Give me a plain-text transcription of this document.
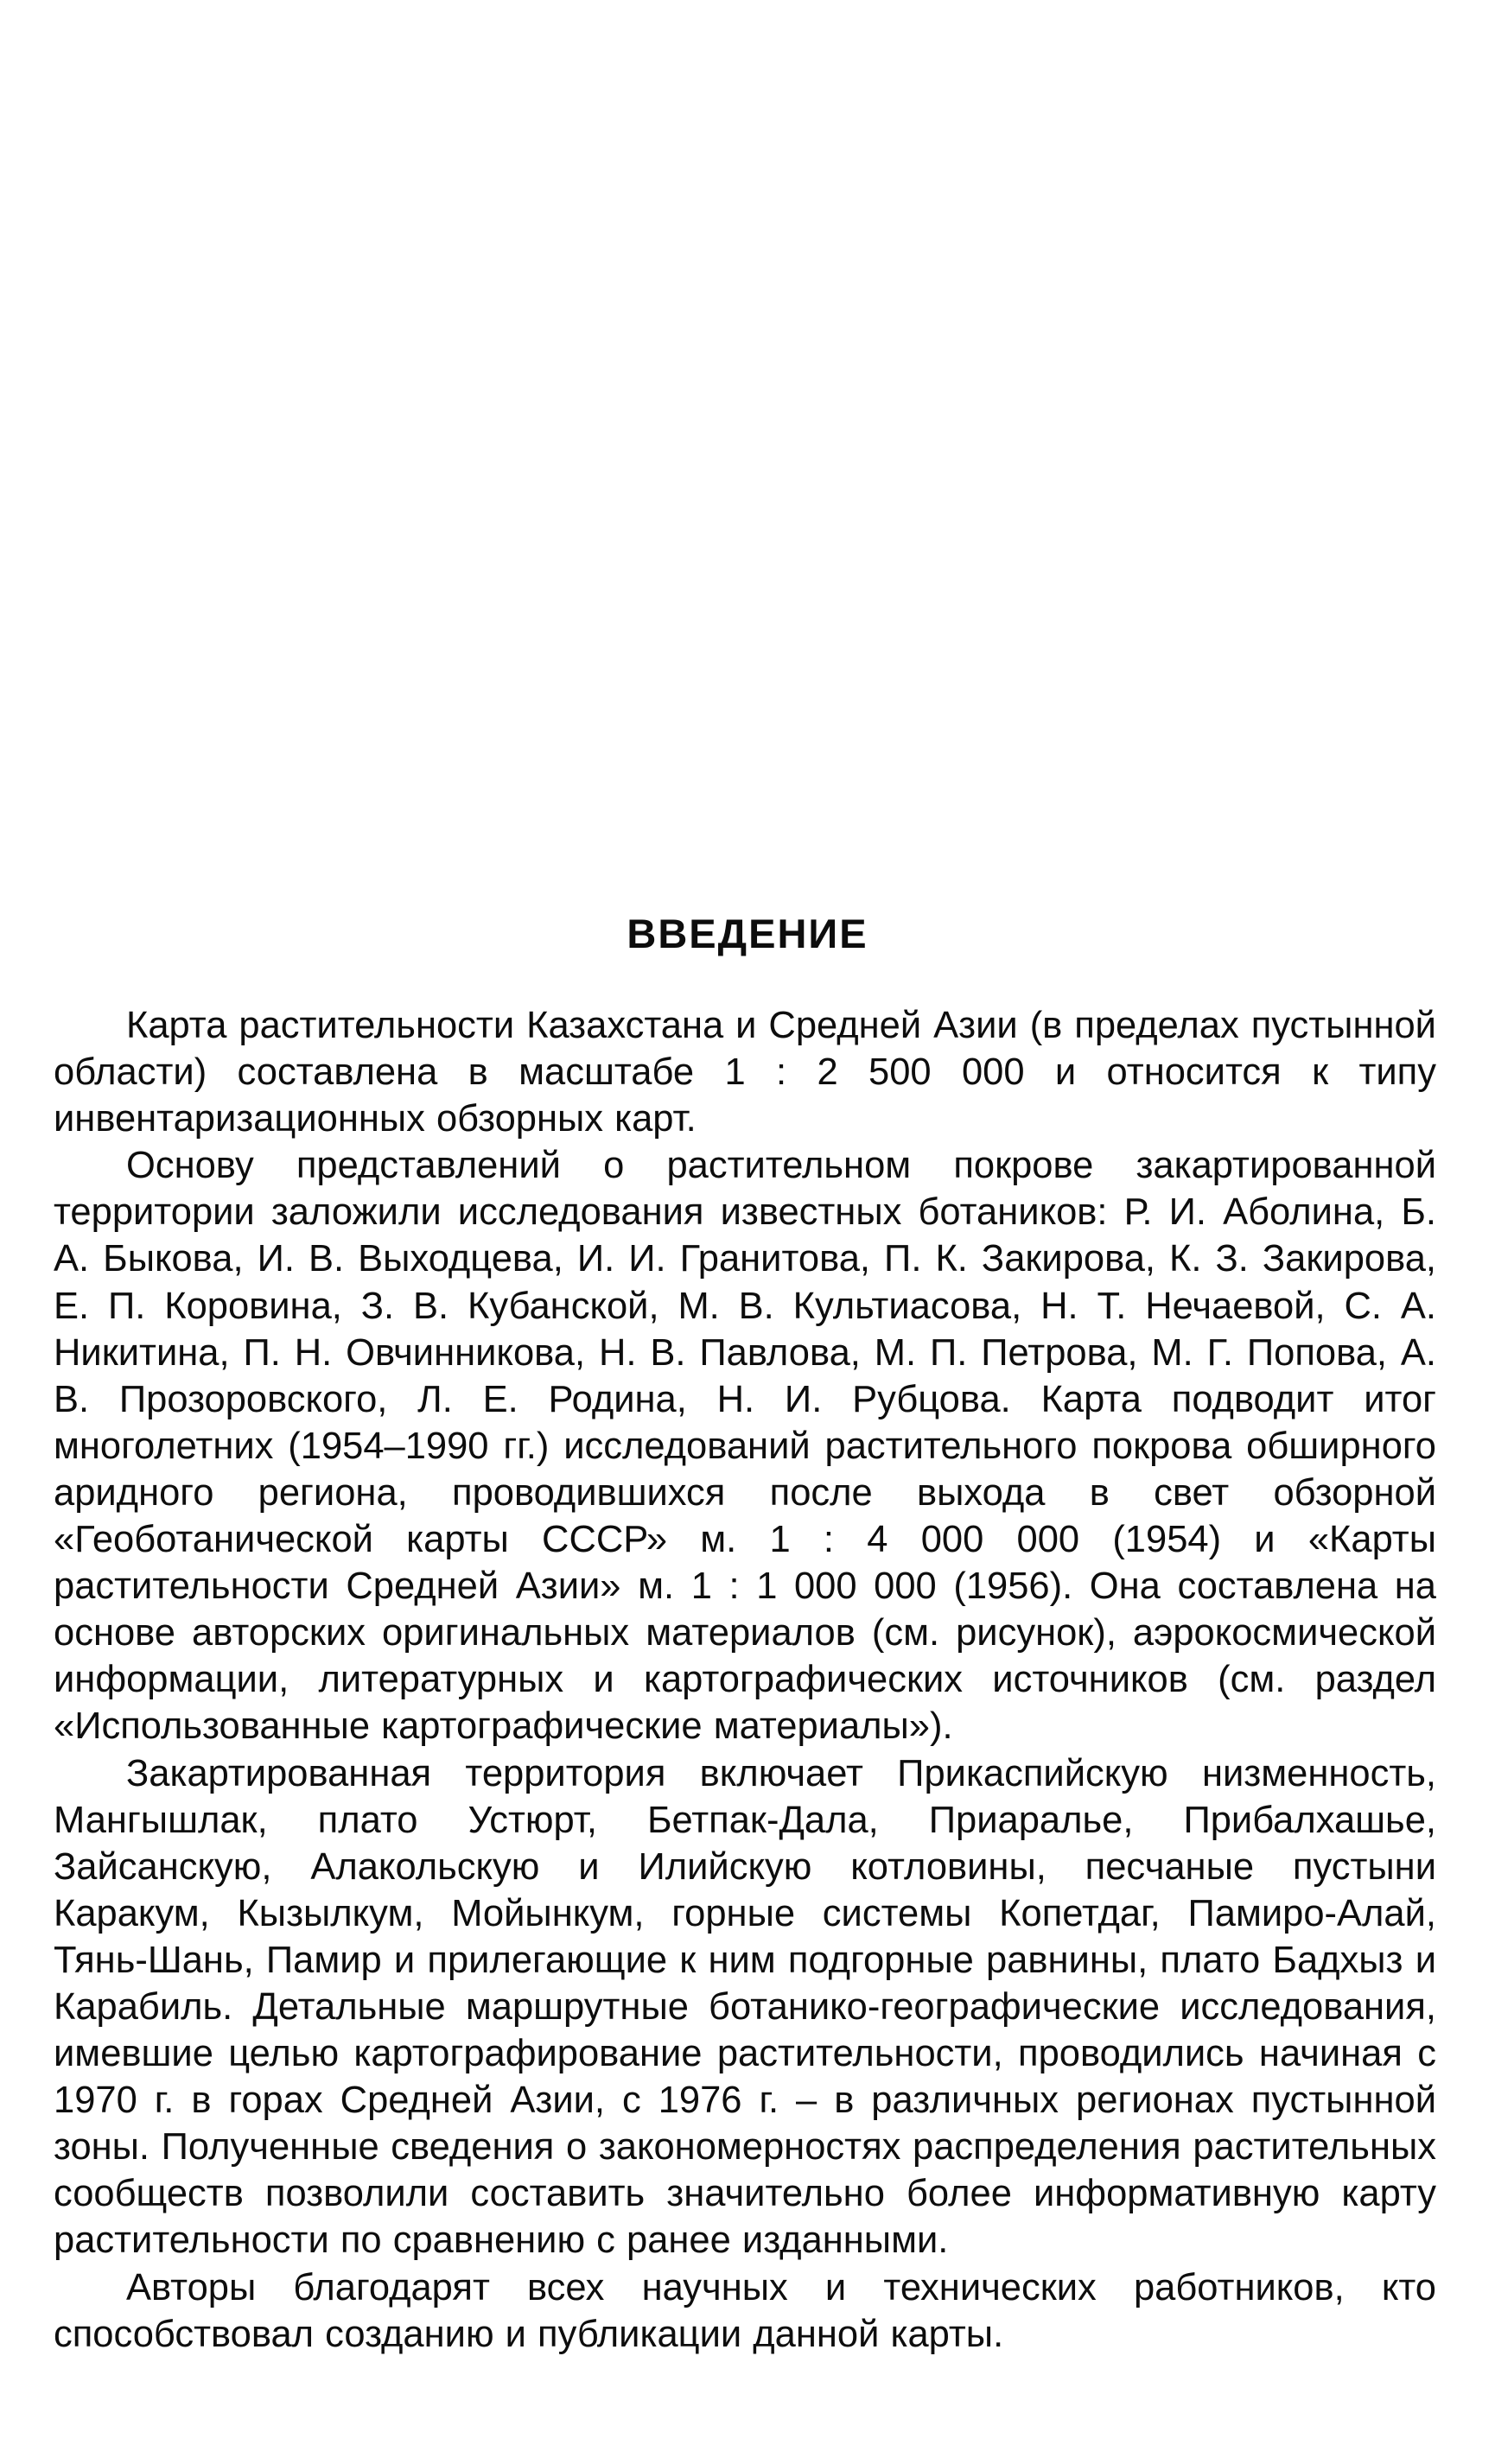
ВВЕДЕНИЕ

Карта растительности Казахстана и Средней Азии (в пределах пустынной области) составлена в масштабе 1 : 2 500 000 и относится к типу инвентаризационных обзорных карт.

Основу представлений о растительном покрове закартированной территории заложили исследования известных ботаников: Р. И. Аболина, Б. А. Быкова, И. В. Выходцева, И. И. Гранитова, П. К. Закирова, К. З. Закирова, Е. П. Коровина, З. В. Кубанской, М. В. Культиасова, Н. Т. Нечаевой, С. А. Никитина, П. Н. Овчинникова, Н. В. Павлова, М. П. Петрова, М. Г. Попова, А. В. Прозоровского, Л. Е. Родина, Н. И. Рубцова. Карта подводит итог многолетних (1954–1990 гг.) исследований растительного покрова обширного аридного региона, проводившихся после выхода в свет обзорной «Геоботанической карты СССР» м. 1 : 4 000 000 (1954) и «Карты растительности Средней Азии» м. 1 : 1 000 000 (1956). Она составлена на основе авторских оригинальных материалов (см. рисунок), аэрокосмической информации, литературных и картографических источников (см. раздел «Использованные картографические материалы»).

Закартированная территория включает Прикаспийскую низменность, Мангышлак, плато Устюрт, Бетпак-Дала, Приаралье, Прибалхашье, Зайсанскую, Алакольскую и Илийскую котловины, песчаные пустыни Каракум, Кызылкум, Мойынкум, горные системы Копетдаг, Памиро-Алай, Тянь-Шань, Памир и прилегающие к ним подгорные равнины, плато Бадхыз и Карабиль. Детальные маршрутные ботанико-географические исследования, имевшие целью картографирование растительности, проводились начиная с 1970 г. в горах Средней Азии, с 1976 г. – в различных регионах пустынной зоны. Полученные сведения о закономерностях распределения растительных сообществ позволили составить значительно более информативную карту растительности по сравнению с ранее изданными.

Авторы благодарят всех научных и технических работников, кто способствовал созданию и публикации данной карты.
